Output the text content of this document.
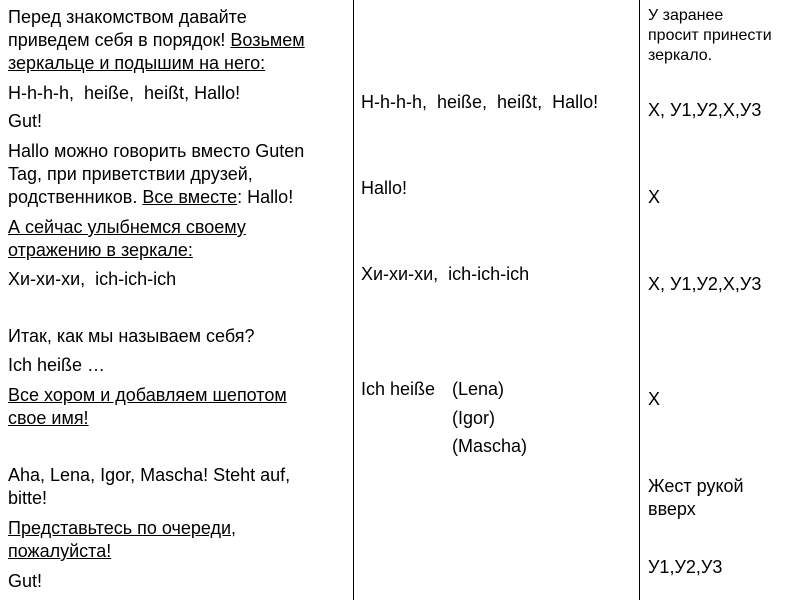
Перед знакомством давайте
приведем себя в порядок! Возьмем
зеркальце и подышим на него:
H-h-h-h,  heiße,  heißt, Hallo!
Gut!
Hallo можно говорить вместо Guten
Tag, при приветствии друзей,
родственников. Все вместе: Hallo!
А сейчас улыбнемся своему
отражению в зеркале:
Хи-хи-хи,  ich-ich-ich
Итак, как мы называем себя?
Ich heiße …
Все хором и добавляем шепотом
свое имя!
Aha, Lena, Igor, Mascha! Steht auf,
bitte!
Представьтесь по очереди,
пожалуйста!
Gut!
H-h-h-h,  heiße,  heißt,  Hallo!
Hallo!
Хи-хи-хи,  ich-ich-ich
Ich heiße (Lena)
(Igor)
(Mascha)
У заранее
просит принести
зеркало.
Х, У1,У2,Х,У3
Х
Х, У1,У2,Х,У3
Х
Жест рукой
вверх
У1,У2,У3
